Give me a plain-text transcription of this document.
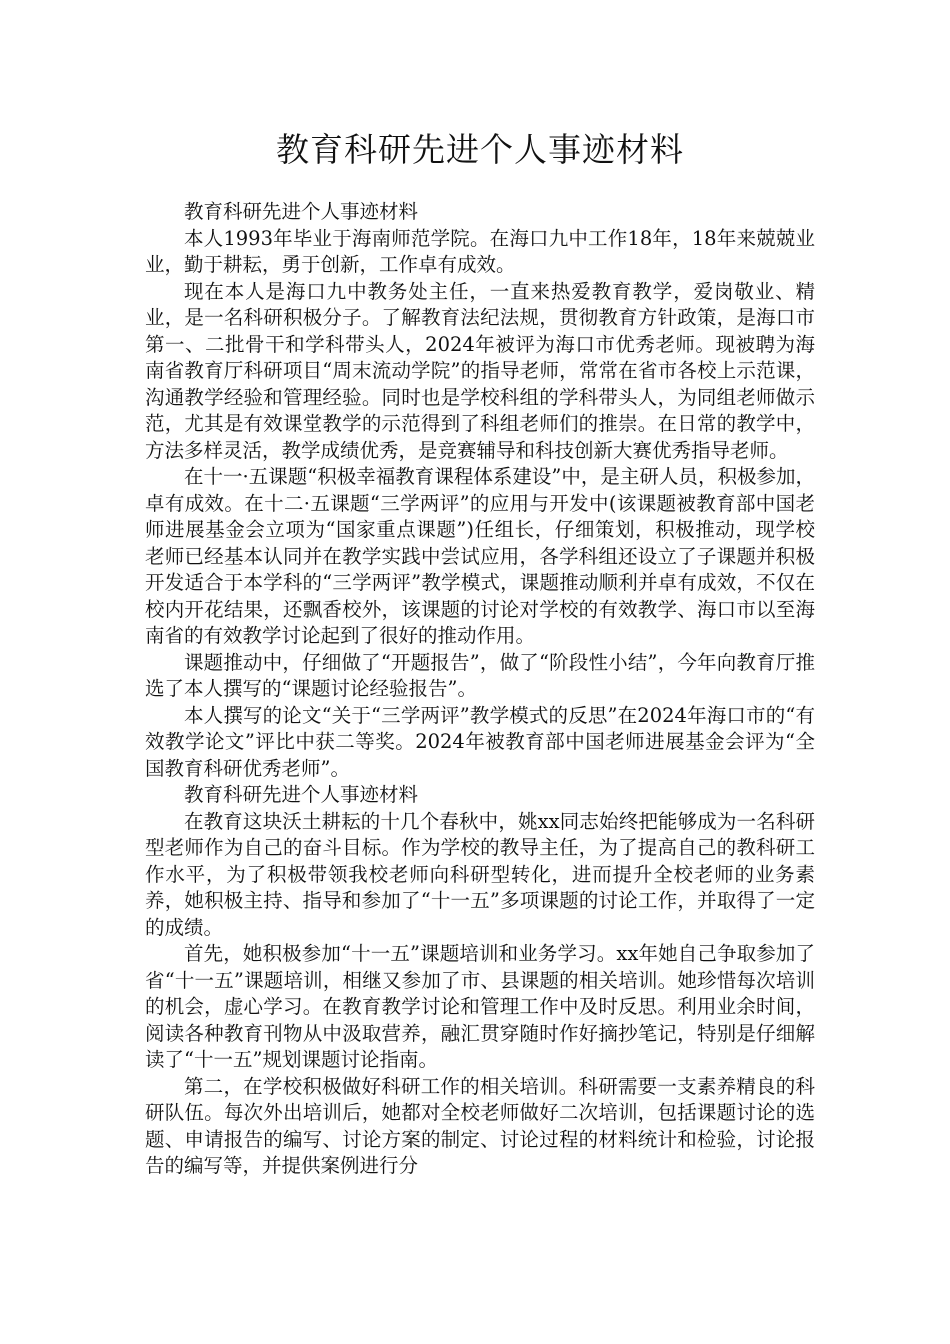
教育科研先进个人事迹材料

教育科研先进个人事迹材料

本人1993年毕业于海南师范学院。在海口九中工作18年，18年来兢兢业业，勤于耕耘，勇于创新，工作卓有成效。

现在本人是海口九中教务处主任，一直来热爱教育教学，爱岗敬业、精业，是一名科研积极分子。了解教育法纪法规，贯彻教育方针政策，是海口市第一、二批骨干和学科带头人，2024年被评为海口市优秀老师。现被聘为海南省教育厅科研项目“周末流动学院”的指导老师，常常在省市各校上示范课，沟通教学经验和管理经验。同时也是学校科组的学科带头人，为同组老师做示范，尤其是有效课堂教学的示范得到了科组老师们的推崇。在日常的教学中，方法多样灵活，教学成绩优秀，是竞赛辅导和科技创新大赛优秀指导老师。

在十一·五课题“积极幸福教育课程体系建设”中，是主研人员，积极参加，卓有成效。在十二·五课题“三学两评”的应用与开发中(该课题被教育部中国老师进展基金会立项为“国家重点课题”)任组长，仔细策划，积极推动，现学校老师已经基本认同并在教学实践中尝试应用，各学科组还设立了子课题并积极开发适合于本学科的“三学两评”教学模式，课题推动顺利并卓有成效，不仅在校内开花结果，还飘香校外，该课题的讨论对学校的有效教学、海口市以至海南省的有效教学讨论起到了很好的推动作用。

课题推动中，仔细做了“开题报告”，做了“阶段性小结”，今年向教育厅推选了本人撰写的“课题讨论经验报告”。

本人撰写的论文“关于“三学两评”教学模式的反思”在2024年海口市的“有效教学论文”评比中获二等奖。2024年被教育部中国老师进展基金会评为“全国教育科研优秀老师”。

教育科研先进个人事迹材料

在教育这块沃土耕耘的十几个春秋中，姚xx同志始终把能够成为一名科研型老师作为自己的奋斗目标。作为学校的教导主任，为了提高自己的教科研工作水平，为了积极带领我校老师向科研型转化，进而提升全校老师的业务素养，她积极主持、指导和参加了“十一五”多项课题的讨论工作，并取得了一定的成绩。

首先，她积极参加“十一五”课题培训和业务学习。xx年她自己争取参加了省“十一五”课题培训，相继又参加了市、县课题的相关培训。她珍惜每次培训的机会，虚心学习。在教育教学讨论和管理工作中及时反思。利用业余时间，阅读各种教育刊物从中汲取营养，融汇贯穿随时作好摘抄笔记，特别是仔细解读了“十一五”规划课题讨论指南。

第二，在学校积极做好科研工作的相关培训。科研需要一支素养精良的科研队伍。每次外出培训后，她都对全校老师做好二次培训，包括课题讨论的选题、申请报告的编写、讨论方案的制定、讨论过程的材料统计和检验，讨论报告的编写等，并提供案例进行分
